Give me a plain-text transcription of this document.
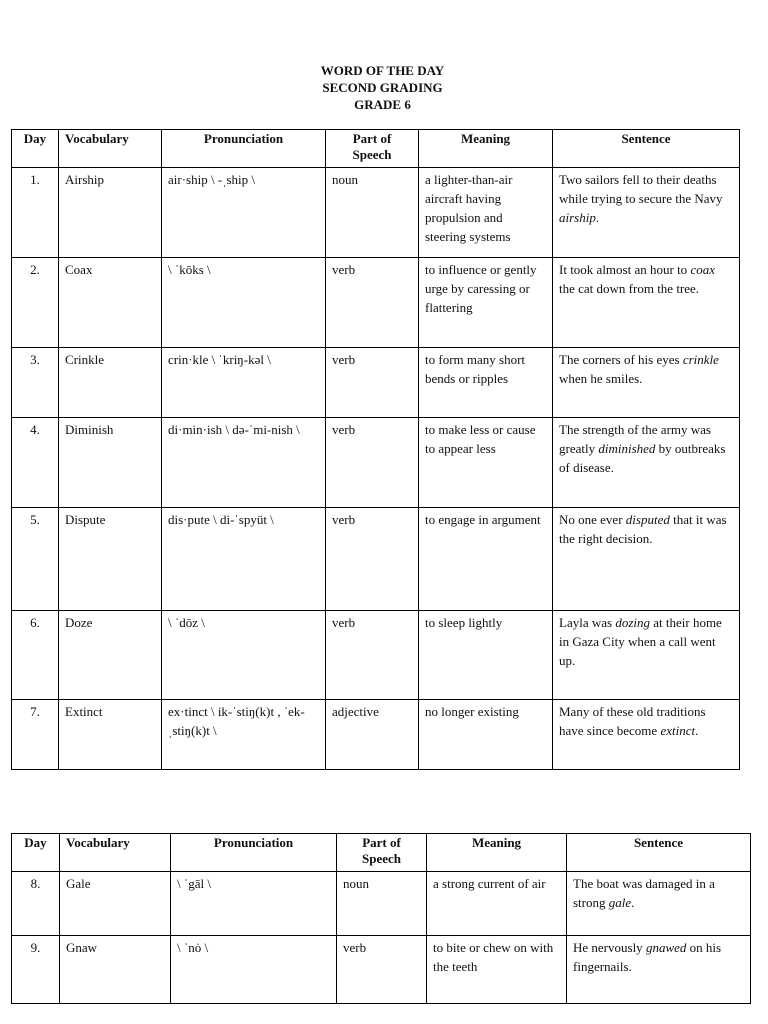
WORD OF THE DAY
SECOND GRADING
GRADE 6
Day	Vocabulary	Pronunciation	Part of Speech	Meaning	Sentence
1.	Airship	air·ship \ -ˌship \	noun	a lighter-than-air aircraft having propulsion and steering systems	Two sailors fell to their deaths while trying to secure the Navy airship.
2.	Coax	\ ˈkōks \	verb	to influence or gently urge by caressing or flattering	It took almost an hour to coax the cat down from the tree.
3.	Crinkle	crin·kle \ ˈkriŋ-kəl \	verb	to form many short bends or ripples	The corners of his eyes crinkle when he smiles.
4.	Diminish	di·min·ish \ də-ˈmi-nish \	verb	to make less or cause to appear less	The strength of the army was greatly diminished by outbreaks of disease.
5.	Dispute	dis·pute \ di-ˈspyüt \	verb	to engage in argument	No one ever disputed that it was the right decision.
6.	Doze	\ ˈdōz \	verb	to sleep lightly	Layla was dozing at their home in Gaza City when a call went up.
7.	Extinct	ex·tinct \ ik-ˈstiŋ(k)t , ˈek-ˌstiŋ(k)t \	adjective	no longer existing	Many of these old traditions have since become extinct.
Day	Vocabulary	Pronunciation	Part of Speech	Meaning	Sentence
8.	Gale	\ ˈgāl \	noun	a strong current of air	The boat was damaged in a strong gale.
9.	Gnaw	\ ˈnȯ \	verb	to bite or chew on with the teeth	He nervously gnawed on his fingernails.
